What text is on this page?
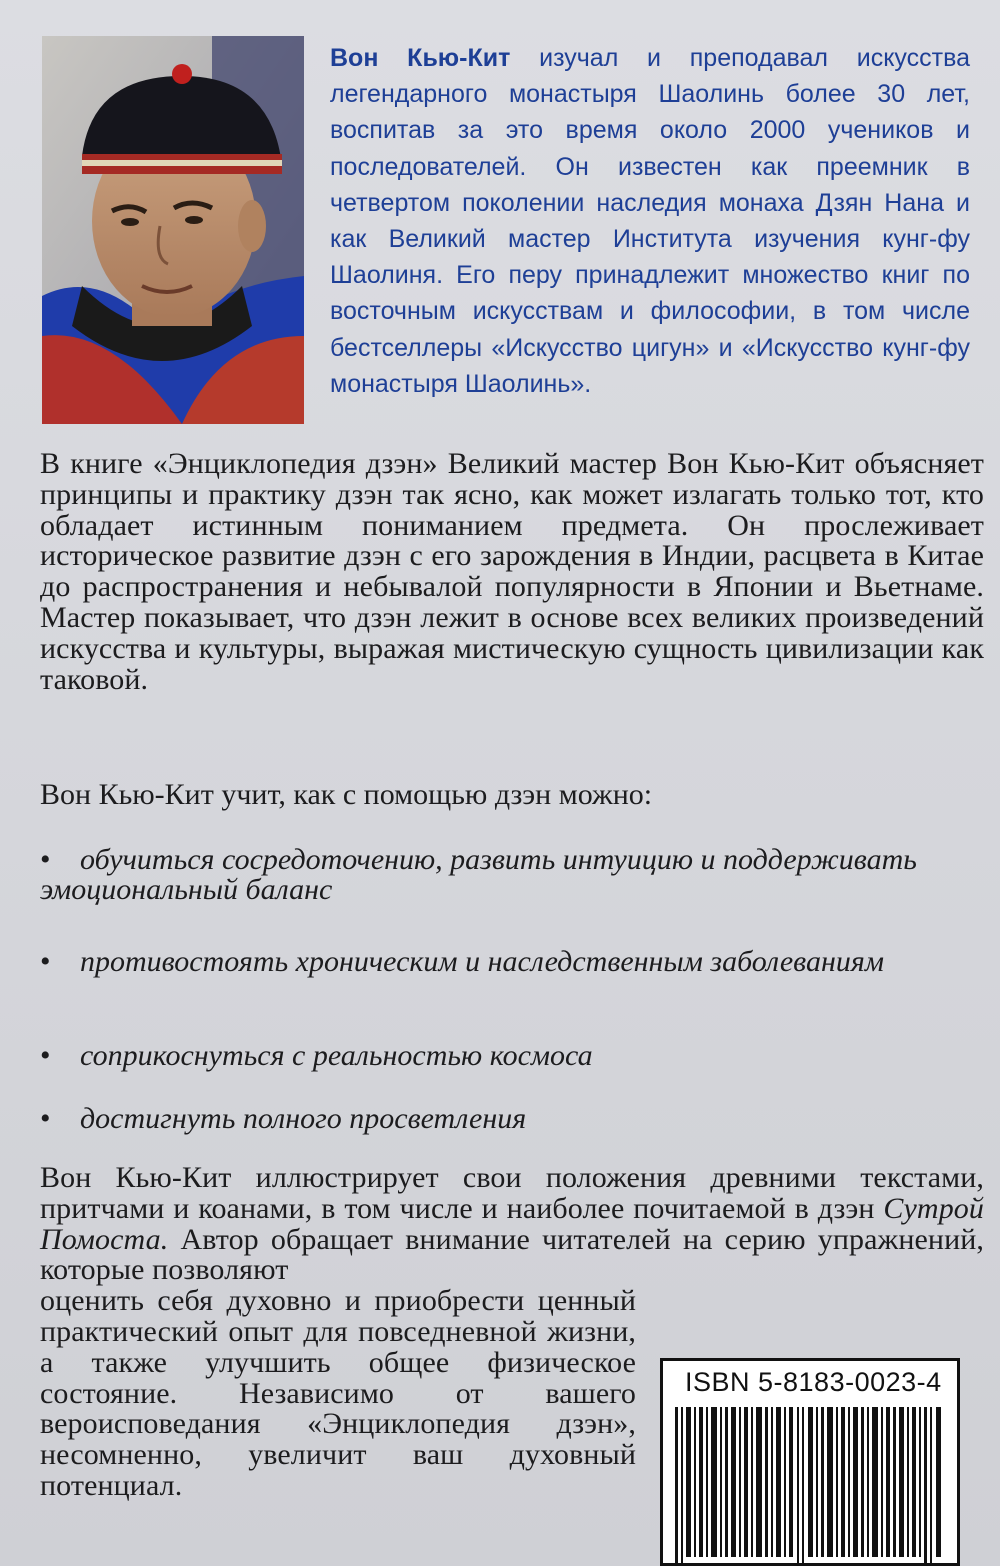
Вон Кью-Кит изучал и преподавал искусства легендарного монастыря Шаолинь более 30 лет, воспитав за это время около 2000 учеников и последователей. Он известен как преемник в четвертом поколении наследия монаха Дзян Нана и как Великий мастер Института изучения кунг-фу Шаолиня. Его перу принадлежит множество книг по восточным искусствам и философии, в том числе бестселлеры «Искусство цигун» и «Искусство кунг-фу монастыря Шаолинь».
В книге «Энциклопедия дзэн» Великий мастер Вон Кью-Кит объясняет принципы и практику дзэн так ясно, как может излагать только тот, кто обладает истинным пониманием предмета. Он прослеживает историческое развитие дзэн с его зарождения в Индии, расцвета в Китае до распространения и небывалой популярности в Японии и Вьетнаме. Мастер показывает, что дзэн лежит в основе всех великих произведений искусства и культуры, выражая мистическую сущность цивилизации как таковой.
Вон Кью-Кит учит, как с помощью дзэн можно:
• обучиться сосредоточению, развить интуицию и поддерживать эмоциональный баланс
• противостоять хроническим и наследственным заболеваниям
• соприкоснуться с реальностью космоса
• достигнуть полного просветления
Вон Кью-Кит иллюстрирует свои положения древними текстами, притчами и коанами, в том числе и наиболее почитаемой в дзэн Сутрой Помоста. Автор обращает внимание читателей на серию упражнений, которые позволяют
оценить себя духовно и приобрести ценный практический опыт для повседневной жизни, а также улучшить общее физическое состояние. Независимо от вашего вероисповедания «Энциклопедия дзэн», несомненно, увеличит ваш духовный потенциал.
ISBN 5-8183-0023-4
